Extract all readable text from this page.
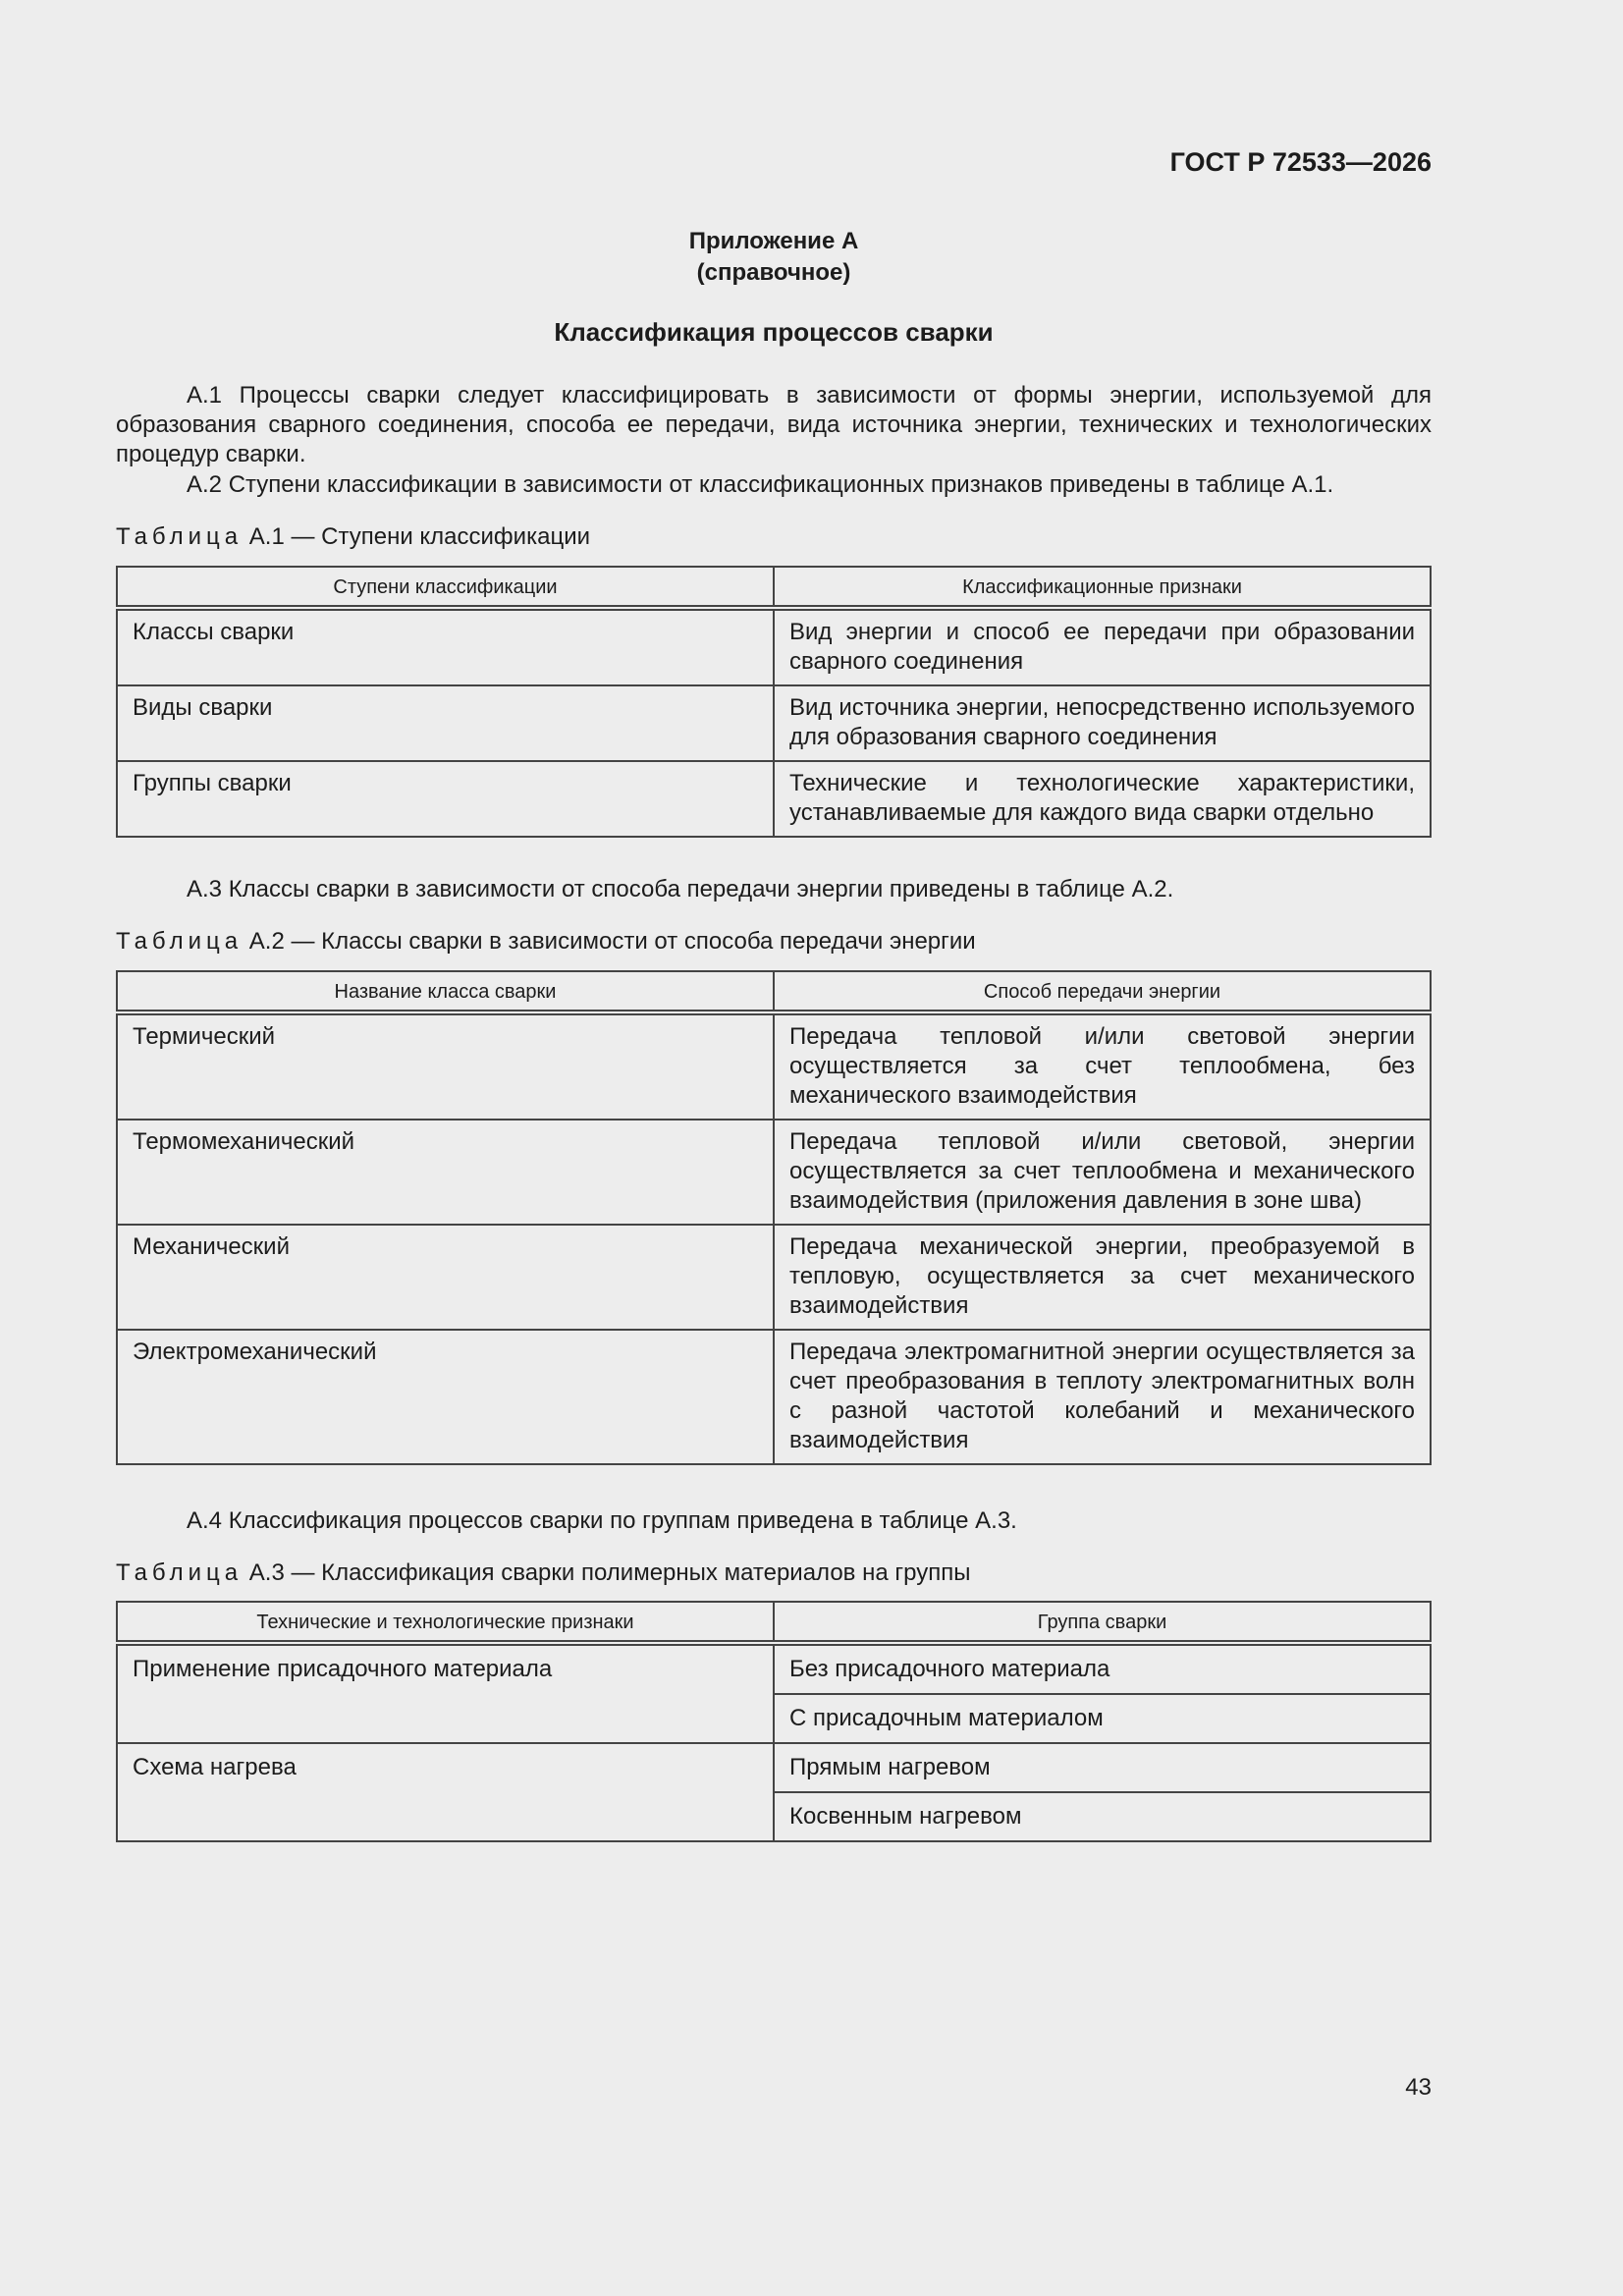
ГОСТ Р 72533—2026
Приложение А
(справочное)
Классификация процессов сварки
А.1 Процессы сварки следует классифицировать в зависимости от формы энергии, используемой для образования сварного соединения, способа ее передачи, вида источника энергии, технических и технологических процедур сварки.
А.2 Ступени классификации в зависимости от классификационных признаков приведены в таблице А.1.
Таблица А.1 — Ступени классификации
Ступени классификации	Классификационные признаки
Классы сварки	Вид энергии и способ ее передачи при образовании сварного соединения
Виды сварки	Вид источника энергии, непосредственно используемого для образования сварного соединения
Группы сварки	Технические и технологические характеристики, устанавливаемые для каждого вида сварки отдельно
А.3 Классы сварки в зависимости от способа передачи энергии приведены в таблице А.2.
Таблица А.2 — Классы сварки в зависимости от способа передачи энергии
Название класса сварки	Способ передачи энергии
Термический	Передача тепловой и/или световой энергии осуществляется за счет теплообмена, без механического взаимодействия
Термомеханический	Передача тепловой и/или световой, энергии осуществляется за счет теплообмена и механического взаимодействия (приложения давления в зоне шва)
Механический	Передача механической энергии, преобразуемой в тепловую, осуществляется за счет механического взаимодействия
Электромеханический	Передача электромагнитной энергии осуществляется за счет преобразования в теплоту электромагнитных волн с разной частотой колебаний и механического взаимодействия
А.4 Классификация процессов сварки по группам приведена в таблице А.3.
Таблица А.3 — Классификация сварки полимерных материалов на группы
Технические и технологические признаки	Группа сварки
Применение присадочного материала	Без присадочного материала
	С присадочным материалом
Схема нагрева	Прямым нагревом
	Косвенным нагревом
43
